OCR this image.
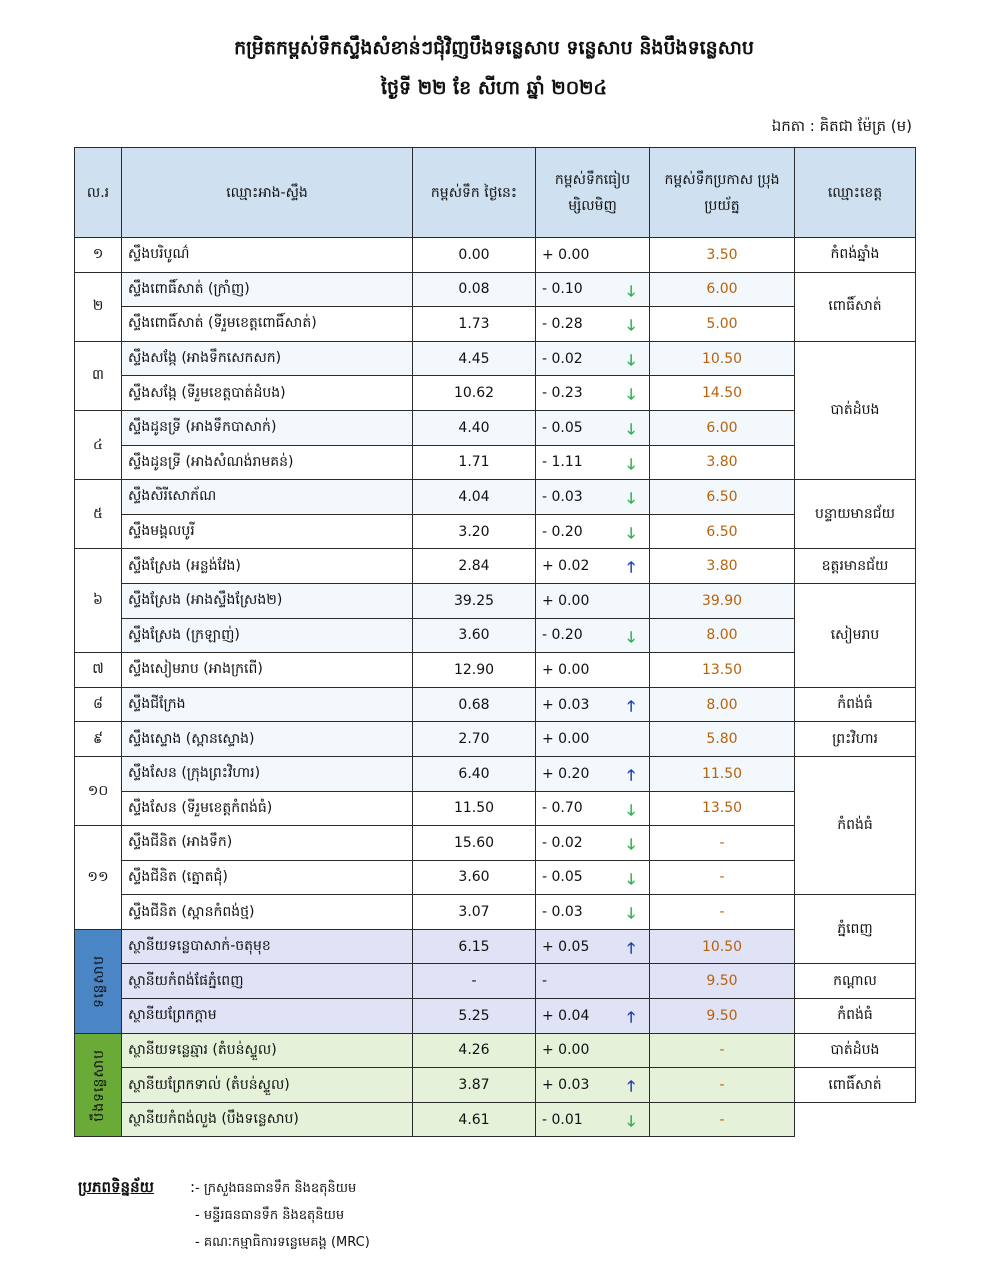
កម្រិតកម្ពស់ទឹកស្ទឹងសំខាន់ៗជុំវិញបឹងទន្លេសាប ទន្លេសាប និងបឹងទន្លេសាប
ថ្ងៃទី ២២ ខែ សីហា ឆ្នាំ ២០២៤
ឯកតា : គិតជា ម៉ែត្រ (ម)
ល.រ	ឈ្មោះអាង-ស្ទឹង	កម្ពស់ទឹក ថ្ងៃនេះ	កម្ពស់ទឹកធៀប ម្សិលមិញ	កម្ពស់ទឹកប្រកាស ប្រុងប្រយ័ត្ន	ឈ្មោះខេត្ត
១	ស្ទឹងបរិបូណ៌	0.00	+ 0.00	3.50	កំពង់ឆ្នាំង
២	ស្ទឹងពោធិ៍សាត់ (ក្រាំញ)	0.08	- 0.10 🡓	6.00	ពោធិ៍សាត់
	ស្ទឹងពោធិ៍សាត់ (ទីរួមខេត្តពោធិ៍សាត់)	1.73	- 0.28 🡓	5.00	
៣	ស្ទឹងសង្កែ (អាងទឹកសេកសក)	4.45	- 0.02 🡓	10.50	បាត់ដំបង
	ស្ទឹងសង្កែ (ទីរួមខេត្តបាត់ដំបង)	10.62	- 0.23 🡓	14.50	
៤	ស្ទឹងដូនទ្រី (អាងទឹកបាសាក់)	4.40	- 0.05 🡓	6.00	
	ស្ទឹងដូនទ្រី (អាងសំណង់រាមគន់)	1.71	- 1.11 🡓	3.80	
៥	ស្ទឹងសិរីសោភ័ណ	4.04	- 0.03 🡓	6.50	បន្ទាយមានជ័យ
	ស្ទឹងមង្គលបូរី	3.20	- 0.20 🡓	6.50	
៦	ស្ទឹងស្រែង (អន្លង់វែង)	2.84	+ 0.02 🡑	3.80	ឧត្តរមានជ័យ
	ស្ទឹងស្រែង (អាងស្ទឹងស្រែង២)	39.25	+ 0.00	39.90	សៀមរាប
	ស្ទឹងស្រែង (ក្រឡាញ់)	3.60	- 0.20 🡓	8.00	
៧	ស្ទឹងសៀមរាប (អាងក្រពើ)	12.90	+ 0.00	13.50	
៨	ស្ទឹងជីក្រែង	0.68	+ 0.03 🡑	8.00	កំពង់ធំ
៩	ស្ទឹងស្ទោង (ស្ពានស្ទោង)	2.70	+ 0.00	5.80	ព្រះវិហារ
១០	ស្ទឹងសែន (ក្រុងព្រះវិហារ)	6.40	+ 0.20 🡑	11.50	កំពង់ធំ
	ស្ទឹងសែន (ទីរួមខេត្តកំពង់ធំ)	11.50	- 0.70 🡓	13.50	
១១	ស្ទឹងជីនិត (អាងទឹក)	15.60	- 0.02 🡓	-	
	ស្ទឹងជីនិត (ត្នោតជុំ)	3.60	- 0.05 🡓	-	
	ស្ទឹងជីនិត (ស្ពានកំពង់ថ្ម)	3.07	- 0.03 🡓	-	ភ្នំពេញ

ទន្លេសាប	ស្ថានីយទន្លេបាសាក់-ចតុមុខ	6.15	+ 0.05 🡑	10.50	
	ស្ថានីយកំពង់ផែភ្នំពេញ	-	-	9.50	កណ្ដាល
	ស្ថានីយព្រែកក្ដាម	5.25	+ 0.04 🡑	9.50	កំពង់ធំ

បឹងទន្លេសាប	ស្ថានីយទន្លេឆ្មារ (តំបន់ស្ទួល)	4.26	+ 0.00	-	បាត់ដំបង
	ស្ថានីយព្រែកទាល់ (តំបន់ស្ទួល)	3.87	+ 0.03 🡑	-	ពោធិ៍សាត់
	ស្ថានីយកំពង់លួង (បឹងទន្លេសាប)	4.61	- 0.01 🡓	-	
ប្រភពទិន្នន័យ : - ក្រសួងធនធានទឹក និងឧតុនិយម
- មន្ទីរធនធានទឹក និងឧតុនិយម
- គណៈកម្មាធិការទន្លេមេគង្គ (MRC)
